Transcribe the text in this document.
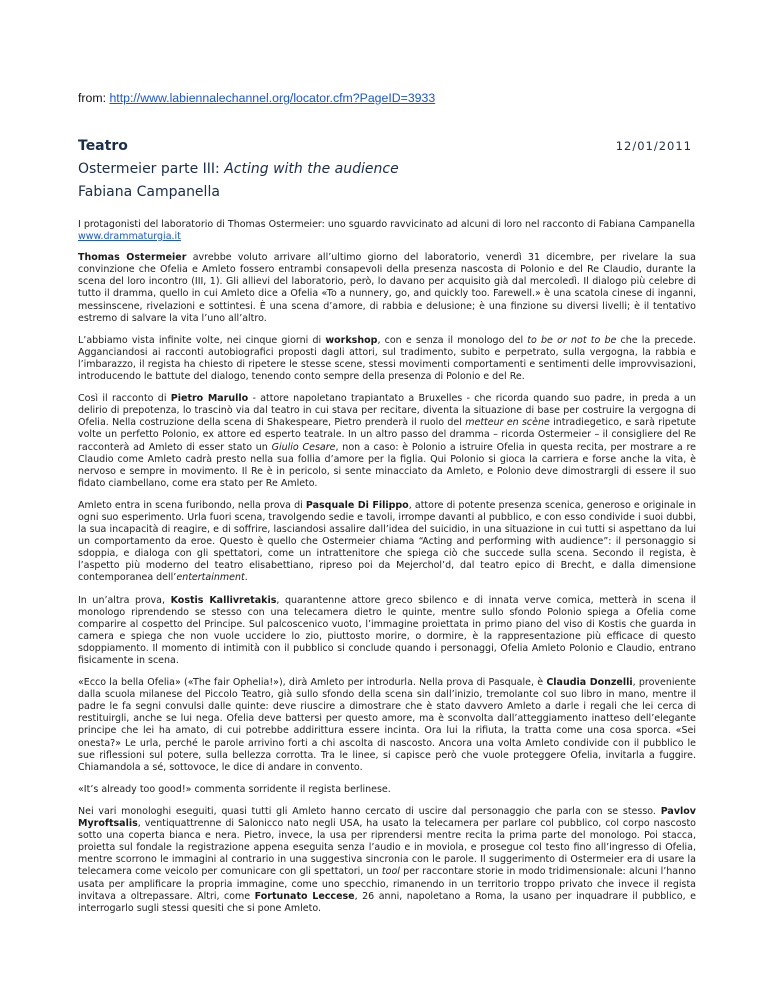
from: http://www.labiennalechannel.org/locator.cfm?PageID=3933
Teatro	12/01/2011
Ostermeier parte III: Acting with the audience
Fabiana Campanella

I protagonisti del laboratorio di Thomas Ostermeier: uno sguardo ravvicinato ad alcuni di loro nel racconto di Fabiana Campanella
www.drammaturgia.it

Thomas Ostermeier avrebbe voluto arrivare all’ultimo giorno del laboratorio, venerdì 31 dicembre, per rivelare la sua convinzione che Ofelia e Amleto fossero entrambi consapevoli della presenza nascosta di Polonio e del Re Claudio, durante la scena del loro incontro (III, 1). Gli allievi del laboratorio, però, lo davano per acquisito già dal mercoledì. Il dialogo più celebre di tutto il dramma, quello in cui Amleto dice a Ofelia «To a nunnery, go, and quickly too. Farewell.» è una scatola cinese di inganni, messinscene, rivelazioni e sottintesi. È una scena d’amore, di rabbia e delusione; è una finzione su diversi livelli; è il tentativo estremo di salvare la vita l’uno all’altro.

L’abbiamo vista infinite volte, nei cinque giorni di workshop, con e senza il monologo del to be or not to be che la precede. Agganciandosi ai racconti autobiografici proposti dagli attori, sul tradimento, subito e perpetrato, sulla vergogna, la rabbia e l’imbarazzo, il regista ha chiesto di ripetere le stesse scene, stessi movimenti comportamenti e sentimenti delle improvvisazioni, introducendo le battute del dialogo, tenendo conto sempre della presenza di Polonio e del Re.

Così il racconto di Pietro Marullo - attore napoletano trapiantato a Bruxelles - che ricorda quando suo padre, in preda a un delirio di prepotenza, lo trascinò via dal teatro in cui stava per recitare, diventa la situazione di base per costruire la vergogna di Ofelia. Nella costruzione della scena di Shakespeare, Pietro prenderà il ruolo del metteur en scène intradiegetico, e sarà ripetute volte un perfetto Polonio, ex attore ed esperto teatrale. In un altro passo del dramma – ricorda Ostermeier – il consigliere del Re racconterà ad Amleto di esser stato un Giulio Cesare, non a caso: è Polonio a istruire Ofelia in questa recita, per mostrare a re Claudio come Amleto cadrà presto nella sua follia d’amore per la figlia. Qui Polonio si gioca la carriera e forse anche la vita, è nervoso e sempre in movimento. Il Re è in pericolo, si sente minacciato da Amleto, e Polonio deve dimostrargli di essere il suo fidato ciambellano, come era stato per Re Amleto.

Amleto entra in scena furibondo, nella prova di Pasquale Di Filippo, attore di potente presenza scenica, generoso e originale in ogni suo esperimento. Urla fuori scena, travolgendo sedie e tavoli, irrompe davanti al pubblico, e con esso condivide i suoi dubbi, la sua incapacità di reagire, e di soffrire, lasciandosi assalire dall’idea del suicidio, in una situazione in cui tutti si aspettano da lui un comportamento da eroe. Questo è quello che Ostermeier chiama “Acting and performing with audience”: il personaggio si sdoppia, e dialoga con gli spettatori, come un intrattenitore che spiega ciò che succede sulla scena. Secondo il regista, è l’aspetto più moderno del teatro elisabettiano, ripreso poi da Mejerchol’d, dal teatro epico di Brecht, e dalla dimensione contemporanea dell’entertainment.

In un’altra prova, Kostis Kallivretakis, quarantenne attore greco sbilenco e di innata verve comica, metterà in scena il monologo riprendendo se stesso con una telecamera dietro le quinte, mentre sullo sfondo Polonio spiega a Ofelia come comparire al cospetto del Principe. Sul palcoscenico vuoto, l’immagine proiettata in primo piano del viso di Kostis che guarda in camera e spiega che non vuole uccidere lo zio, piuttosto morire, o dormire, è la rappresentazione più efficace di questo sdoppiamento. Il momento di intimità con il pubblico si conclude quando i personaggi, Ofelia Amleto Polonio e Claudio, entrano fisicamente in scena.

«Ecco la bella Ofelia» («The fair Ophelia!»), dirà Amleto per introdurla. Nella prova di Pasquale, è Claudia Donzelli, proveniente dalla scuola milanese del Piccolo Teatro, già sullo sfondo della scena sin dall’inizio, tremolante col suo libro in mano, mentre il padre le fa segni convulsi dalle quinte: deve riuscire a dimostrare che è stato davvero Amleto a darle i regali che lei cerca di restituirgli, anche se lui nega. Ofelia deve battersi per questo amore, ma è sconvolta dall’atteggiamento inatteso dell’elegante principe che lei ha amato, di cui potrebbe addirittura essere incinta. Ora lui la rifiuta, la tratta come una cosa sporca. «Sei onesta?» Le urla, perché le parole arrivino forti a chi ascolta di nascosto. Ancora una volta Amleto condivide con il pubblico le sue riflessioni sul potere, sulla bellezza corrotta. Tra le linee, si capisce però che vuole proteggere Ofelia, invitarla a fuggire. Chiamandola a sé, sottovoce, le dice di andare in convento.

«It’s already too good!» commenta sorridente il regista berlinese.

Nei vari monologhi eseguiti, quasi tutti gli Amleto hanno cercato di uscire dal personaggio che parla con se stesso. Pavlov Myroftsalis, ventiquattrenne di Salonicco nato negli USA, ha usato la telecamera per parlare col pubblico, col corpo nascosto sotto una coperta bianca e nera. Pietro, invece, la usa per riprendersi mentre recita la prima parte del monologo. Poi stacca, proietta sul fondale la registrazione appena eseguita senza l’audio e in moviola, e prosegue col testo fino all’ingresso di Ofelia, mentre scorrono le immagini al contrario in una suggestiva sincronia con le parole. Il suggerimento di Ostermeier era di usare la telecamera come veicolo per comunicare con gli spettatori, un tool per raccontare storie in modo tridimensionale: alcuni l’hanno usata per amplificare la propria immagine, come uno specchio, rimanendo in un territorio troppo privato che invece il regista invitava a oltrepassare. Altri, come Fortunato Leccese, 26 anni, napoletano a Roma, la usano per inquadrare il pubblico, e interrogarlo sugli stessi quesiti che si pone Amleto.
